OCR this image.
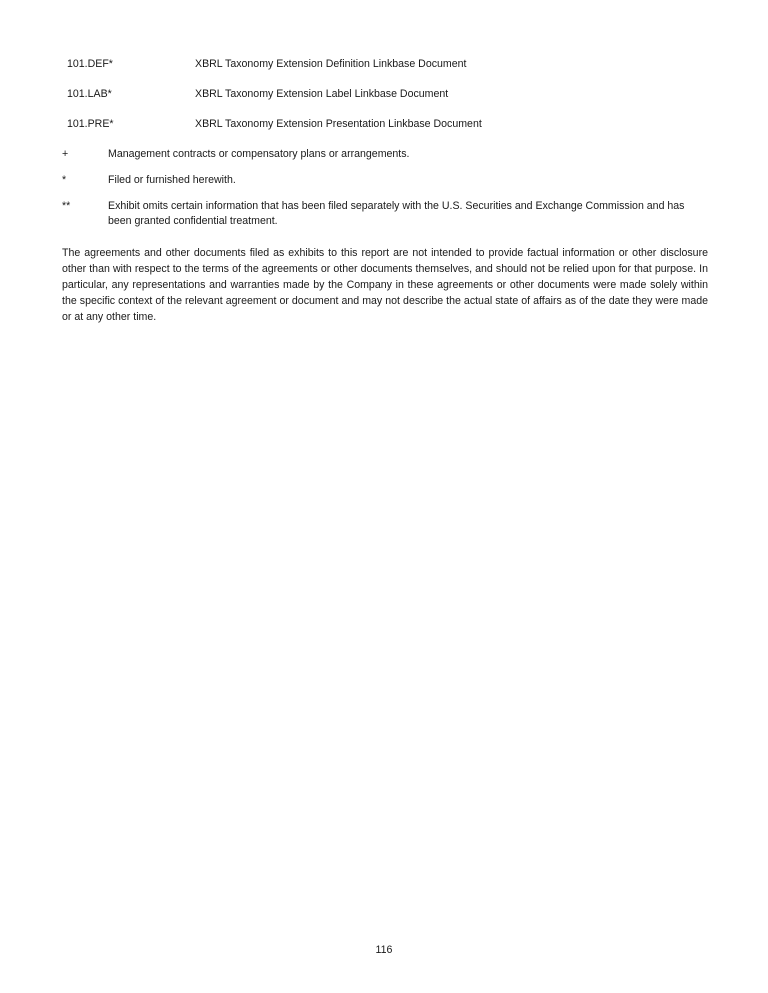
101.DEF*	XBRL Taxonomy Extension Definition Linkbase Document
101.LAB*	XBRL Taxonomy Extension Label Linkbase Document
101.PRE*	XBRL Taxonomy Extension Presentation Linkbase Document
+	Management contracts or compensatory plans or arrangements.
*	Filed or furnished herewith.
**	Exhibit omits certain information that has been filed separately with the U.S. Securities and Exchange Commission and has been granted confidential treatment.

The agreements and other documents filed as exhibits to this report are not intended to provide factual information or other disclosure other than with respect to the terms of the agreements or other documents themselves, and should not be relied upon for that purpose. In particular, any representations and warranties made by the Company in these agreements or other documents were made solely within the specific context of the relevant agreement or document and may not describe the actual state of affairs as of the date they were made or at any other time.

116
